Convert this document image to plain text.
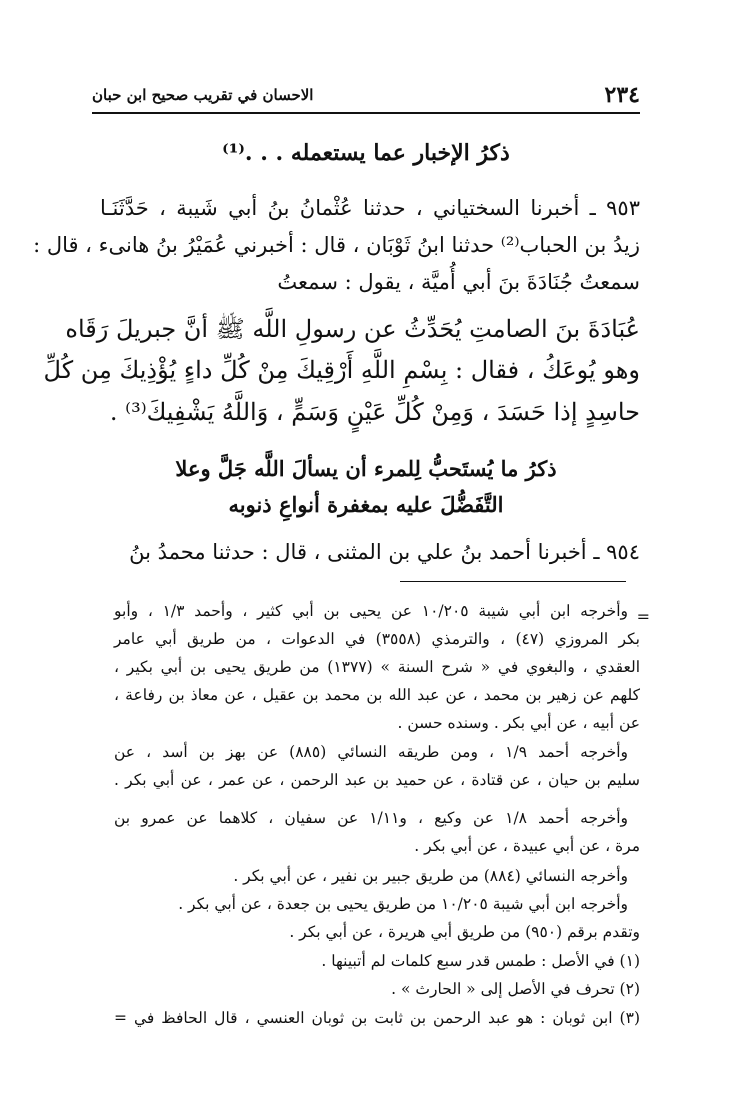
٢٣٤
الاحسان في تقريب صحيح ابن حبان
ذكرُ الإخبار عما يستعمله . . .⁽¹⁾
٩٥٣ ـ أخبرنا السختياني ، حدثنا عُثْمانُ بنُ أبي شَيبة ، حَدَّثَنَـا
زيدُ بن الحباب⁽²⁾ حدثنا ابنُ ثَوْبَان ، قال : أخبرني عُمَيْرُ بنُ هانىء ، قال :
سمعتُ جُنَادَةَ بنَ أبي أُميَّة ، يقول : سمعتُ
عُبَادَةَ بنَ الصامتِ يُحَدِّثُ عن رسولِ اللَّه ﷺ أنَّ جبريلَ رَقَاه
وهو يُوعَكُ ، فقال : بِسْمِ اللَّهِ أَرْقِيكَ مِنْ كُلِّ داءٍ يُؤْذِيكَ مِن كُلِّ
حاسِدٍ إذا حَسَدَ ، وَمِنْ كُلِّ عَيْنٍ وَسَمٍّ ، وَاللَّهُ يَشْفِيكَ⁽³⁾ .
ذكرُ ما يُستَحبُّ لِلمرء أن يسألَ اللَّه جَلَّ وعلا
التَّفَضُّلَ عليه بمغفرة أنواعِ ذنوبه
٩٥٤ ـ أخبرنا أحمد بنُ علي بن المثنى ، قال : حدثنا محمدُ بنُ
=
وأخرجه ابن أبي شيبة ١٠/٢٠٥ عن يحيى بن أبي كثير ، وأحمد ١/٣ ، وأبو
بكر المروزي (٤٧) ، والترمذي (٣٥٥٨) في الدعوات ، من طريق أبي عامر
العقدي ، والبغوي في « شرح السنة » (١٣٧٧) من طريق يحيى بن أبي بكير ،
كلهم عن زهير بن محمد ، عن عبد الله بن محمد بن عقيل ، عن معاذ بن رفاعة ،
عن أبيه ، عن أبي بكر . وسنده حسن .
وأخرجه أحمد ١/٩ ، ومن طريقه النسائي (٨٨٥) عن بهز بن أسد ، عن
سليم بن حيان ، عن قتادة ، عن حميد بن عبد الرحمن ، عن عمر ، عن أبي بكر .
وأخرجه أحمد ١/٨ عن وكيع ، و١/١١ عن سفيان ، كلاهما عن عمرو بن
مرة ، عن أبي عبيدة ، عن أبي بكر .
وأخرجه النسائي (٨٨٤) من طريق جبير بن نفير ، عن أبي بكر .
وأخرجه ابن أبي شيبة ١٠/٢٠٥ من طريق يحيى بن جعدة ، عن أبي بكر .
وتقدم برقم (٩٥٠) من طريق أبي هريرة ، عن أبي بكر .
(١) في الأصل : طمس قدر سبع كلمات لم أتبينها .
(٢) تحرف في الأصل إلى « الحارث » .
(٣) ابن ثوبان : هو عبد الرحمن بن ثابت بن ثوبان العنسي ، قال الحافظ في =
